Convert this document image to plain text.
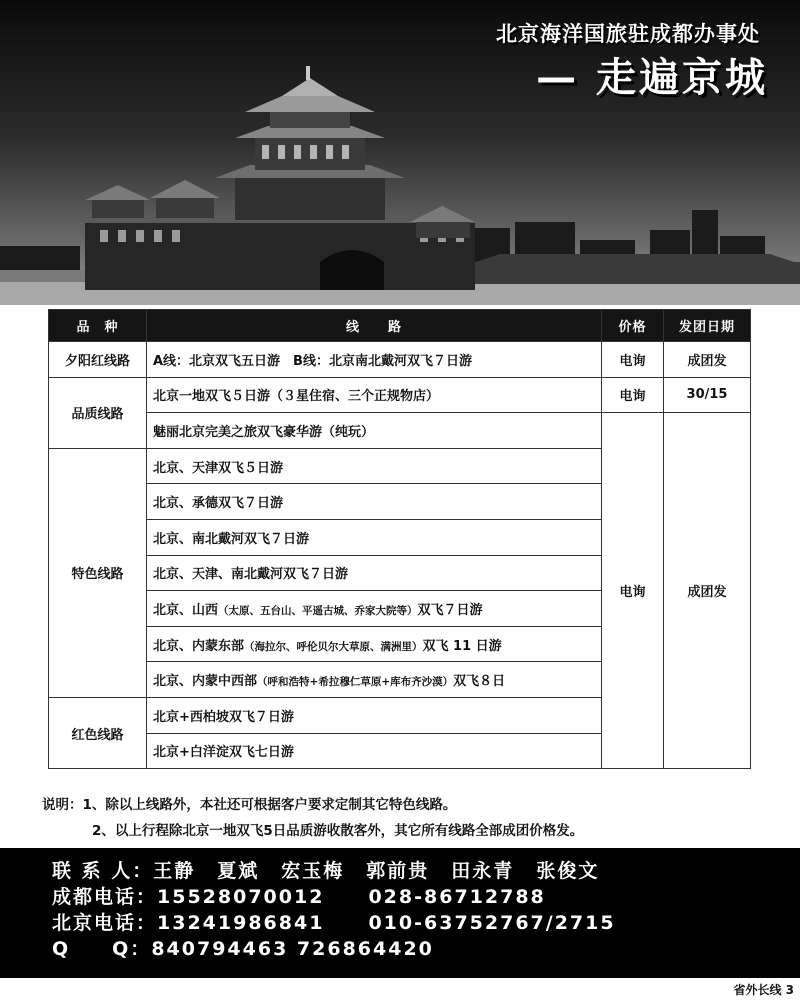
北京海洋国旅驻成都办事处
— 走遍京城
品　种	线　　路	价格	发团日期
夕阳红线路	A线：北京双飞五日游　B线：北京南北戴河双飞７日游	电询	成团发
品质线路	北京一地双飞５日游（３星住宿、三个正规物店）	电询	30/15
	魅丽北京完美之旅双飞豪华游（纯玩）	电询	成团发
特色线路	北京、天津双飞５日游		
	北京、承德双飞７日游		
	北京、南北戴河双飞７日游		
	北京、天津、南北戴河双飞７日游		
	北京、山西（太原、五台山、平遥古城、乔家大院等）双飞７日游		
	北京、内蒙东部（海拉尔、呼伦贝尔大草原、满洲里）双飞 11 日游		
	北京、内蒙中西部（呼和浩特+希拉穆仁草原+库布齐沙漠）双飞８日		
红色线路	北京+西柏坡双飞７日游		
	北京+白洋淀双飞七日游		
说明：1、除以上线路外，本社还可根据客户要求定制其它特色线路。
2、以上行程除北京一地双飞5日品质游收散客外，其它所有线路全部成团价格发。
联 系 人：王静 夏斌 宏玉梅 郭前贵 田永青 张俊文
成都电话：15528070012 028-86712788
北京电话：13241986841 010-63752767/2715
Q　　Q：840794463 726864420
省外长线 3
